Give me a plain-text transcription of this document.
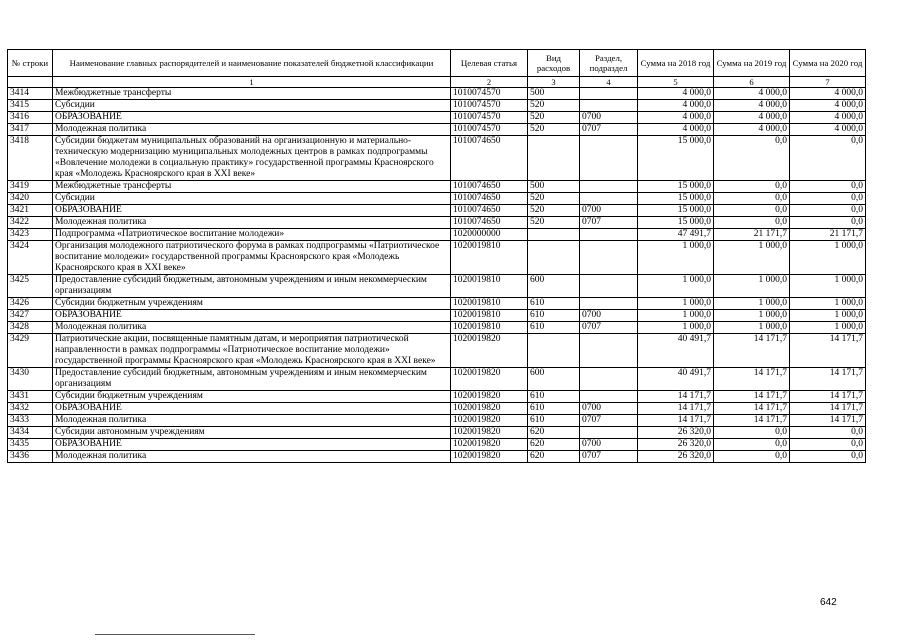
№ строки	Наименование главных распорядителей и наименование показателей бюджетной классификации	Целевая статья	Вид расходов	Раздел, подраздел	Сумма на 2018 год	Сумма на 2019 год	Сумма на 2020 год
	1	2	3	4	5	6	7
3414	Межбюджетные трансферты	1010074570	500		4 000,0	4 000,0	4 000,0
3415	Субсидии	1010074570	520		4 000,0	4 000,0	4 000,0
3416	ОБРАЗОВАНИЕ	1010074570	520	0700	4 000,0	4 000,0	4 000,0
3417	Молодежная политика	1010074570	520	0707	4 000,0	4 000,0	4 000,0
3418	Субсидии бюджетам муниципальных образований на организационную и материально-техническую модернизацию муниципальных молодежных центров в рамках подпрограммы «Вовлечение молодежи в социальную практику» государственной программы Красноярского края «Молодежь Красноярского края в XXI веке»	1010074650			15 000,0	0,0	0,0
3419	Межбюджетные трансферты	1010074650	500		15 000,0	0,0	0,0
3420	Субсидии	1010074650	520		15 000,0	0,0	0,0
3421	ОБРАЗОВАНИЕ	1010074650	520	0700	15 000,0	0,0	0,0
3422	Молодежная политика	1010074650	520	0707	15 000,0	0,0	0,0
3423	Подпрограмма «Патриотическое воспитание молодежи»	1020000000			47 491,7	21 171,7	21 171,7
3424	Организация молодежного патриотического форума в рамках подпрограммы «Патриотическое воспитание молодежи» государственной программы Красноярского края «Молодежь Красноярского края в XXI веке»	1020019810			1 000,0	1 000,0	1 000,0
3425	Предоставление субсидий бюджетным, автономным учреждениям и иным некоммерческим организациям	1020019810	600		1 000,0	1 000,0	1 000,0
3426	Субсидии бюджетным учреждениям	1020019810	610		1 000,0	1 000,0	1 000,0
3427	ОБРАЗОВАНИЕ	1020019810	610	0700	1 000,0	1 000,0	1 000,0
3428	Молодежная политика	1020019810	610	0707	1 000,0	1 000,0	1 000,0
3429	Патриотические акции, посвященные памятным датам, и мероприятия патриотической направленности в рамках подпрограммы «Патриотическое воспитание молодежи» государственной программы Красноярского края «Молодежь Красноярского края в XXI веке»	1020019820			40 491,7	14 171,7	14 171,7
3430	Предоставление субсидий бюджетным, автономным учреждениям и иным некоммерческим организациям	1020019820	600		40 491,7	14 171,7	14 171,7
3431	Субсидии бюджетным учреждениям	1020019820	610		14 171,7	14 171,7	14 171,7
3432	ОБРАЗОВАНИЕ	1020019820	610	0700	14 171,7	14 171,7	14 171,7
3433	Молодежная политика	1020019820	610	0707	14 171,7	14 171,7	14 171,7
3434	Субсидии автономным учреждениям	1020019820	620		26 320,0	0,0	0,0
3435	ОБРАЗОВАНИЕ	1020019820	620	0700	26 320,0	0,0	0,0
3436	Молодежная политика	1020019820	620	0707	26 320,0	0,0	0,0
642
